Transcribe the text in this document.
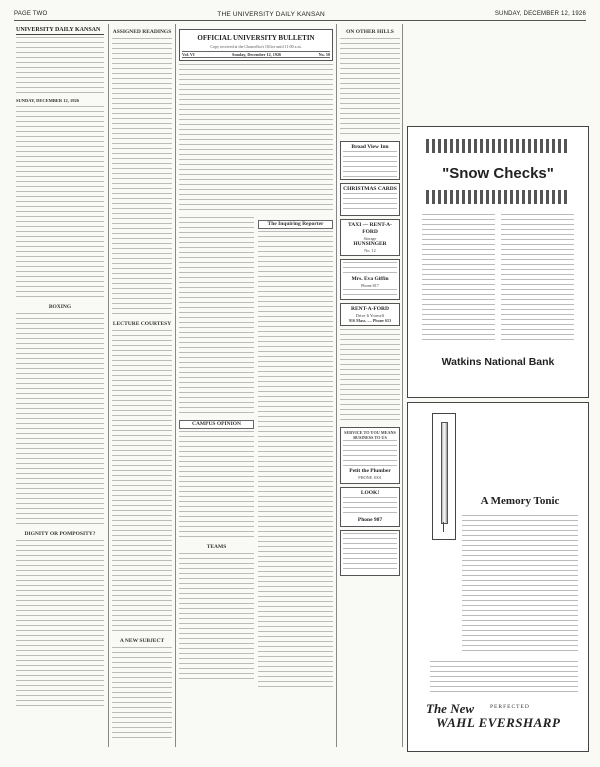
PAGE TWO	THE UNIVERSITY DAILY KANSAN	SUNDAY, DECEMBER 12, 1926
UNIVERSITY DAILY KANSAN
SUNDAY, DECEMBER 12, 1926
BOXING
DIGNITY OR POMPOSITY?
ASSIGNED READINGS
LECTURE COURTESY
A NEW SUBJECT
OFFICIAL UNIVERSITY BULLETIN
Copy received at the Chancellor's Office until 11:00 a.m.
Vol. VI	Sunday, December 12, 1926	No. 50
CAMPUS OPINION
TEAMS
The Inquiring Reporter
ON OTHER HILLS
Broad View Inn
CHRISTMAS CARDS
TAXI — RENT-A-FORD
Storage
HUNSINGER
No. 12
Mrs. Eva Giffin
Phone 817
RENT-A-FORD
Drive It Yourself
916 Mass. — Phone 653
SERVICE TO YOU MEANS BUSINESS TO US
Petit the Plumber
PHONE 1001
LOOK!
Phone 987
"Snow Checks"
Watkins National Bank
A Memory Tonic
The New	PERFECTED
WAHL EVERSHARP
